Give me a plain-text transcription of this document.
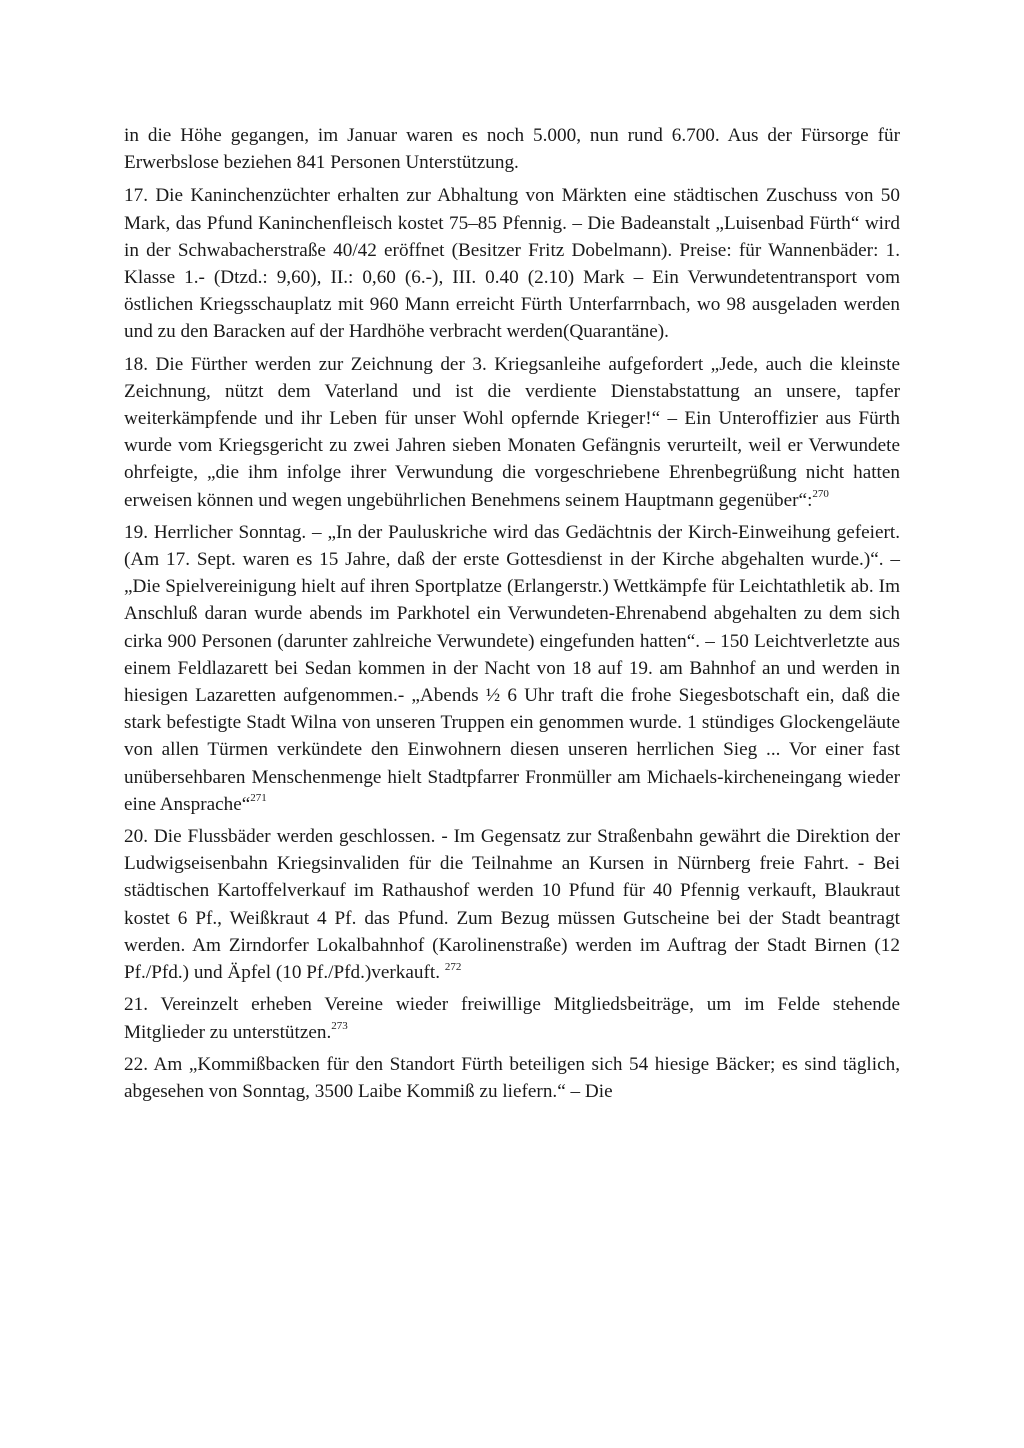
in die Höhe gegangen, im Januar waren es noch 5.000, nun rund 6.700. Aus der Fürsorge für Erwerbslose beziehen 841 Personen Unterstützung.

17. Die Kaninchenzüchter erhalten zur Abhaltung von Märkten eine städtischen Zuschuss von 50 Mark, das Pfund Kaninchenfleisch kostet 75–85 Pfennig. – Die Badeanstalt „Luisenbad Fürth“ wird in der Schwabacherstraße 40/42 eröffnet (Besitzer Fritz Dobelmann). Preise: für Wannenbäder: 1. Klasse 1.- (Dtzd.: 9,60), II.: 0,60 (6.-), III. 0.40 (2.10) Mark – Ein Verwundetentransport vom östlichen Kriegsschauplatz mit 960 Mann erreicht Fürth Unterfarrnbach, wo 98 ausgeladen werden und zu den Baracken auf der Hardhöhe verbracht werden(Quarantäne).

18. Die Fürther werden zur Zeichnung der 3. Kriegsanleihe aufgefordert „Jede, auch die kleinste Zeichnung, nützt dem Vaterland und ist die verdiente Dienstabstattung an unsere, tapfer weiterkämpfende und ihr Leben für unser Wohl opfernde Krieger!“ – Ein Unteroffizier aus Fürth wurde vom Kriegsgericht zu zwei Jahren sieben Monaten Gefängnis verurteilt, weil er Verwundete ohrfeigte, „die ihm infolge ihrer Verwundung die vorgeschriebene Ehrenbegrüßung nicht hatten erweisen können und wegen ungebührlichen Benehmens seinem Hauptmann gegenüber“:$^{270}$

19. Herrlicher Sonntag. – „In der Pauluskriche wird das Gedächtnis der Kirch-Einweihung gefeiert. (Am 17. Sept. waren es 15 Jahre, daß der erste Gottesdienst in der Kirche abgehalten wurde.)“. – „Die Spielvereinigung hielt auf ihren Sportplatze (Erlangerstr.) Wettkämpfe für Leichtathletik ab. Im Anschluß daran wurde abends im Parkhotel ein Verwundeten-Ehrenabend abgehalten zu dem sich cirka 900 Personen (darunter zahlreiche Verwundete) eingefunden hatten“. – 150 Leichtverletzte aus einem Feldlazarett bei Sedan kommen in der Nacht von 18 auf 19. am Bahnhof an und werden in hiesigen Lazaretten aufgenommen.- „Abends ½ 6 Uhr traft die frohe Siegesbotschaft ein, daß die stark befestigte Stadt Wilna von unseren Truppen ein genommen wurde. 1 stündiges Glockengeläute von allen Türmen verkündete den Einwohnern diesen unseren herrlichen Sieg ... Vor einer fast unübersehbaren Menschenmenge hielt Stadtpfarrer Fronmüller am Michaels-kircheneingang wieder eine Ansprache“$^{271}$

20. Die Flussbäder werden geschlossen. - Im Gegensatz zur Straßenbahn gewährt die Direktion der Ludwigseisenbahn Kriegsinvaliden für die Teilnahme an Kursen in Nürnberg freie Fahrt. - Bei städtischen Kartoffelverkauf im Rathaushof werden 10 Pfund für 40 Pfennig verkauft, Blaukraut kostet 6 Pf., Weißkraut 4 Pf. das Pfund. Zum Bezug müssen Gutscheine bei der Stadt beantragt werden. Am Zirndorfer Lokalbahnhof (Karolinenstraße) werden im Auftrag der Stadt Birnen (12 Pf./Pfd.) und Äpfel (10 Pf./Pfd.)verkauft. $^{272}$

21. Vereinzelt erheben Vereine wieder freiwillige Mitgliedsbeiträge, um im Felde stehende Mitglieder zu unterstützen.$^{273}$

22. Am „Kommißbacken für den Standort Fürth beteiligen sich 54 hiesige Bäcker; es sind täglich, abgesehen von Sonntag, 3500 Laibe Kommiß zu liefern.“ – Die
